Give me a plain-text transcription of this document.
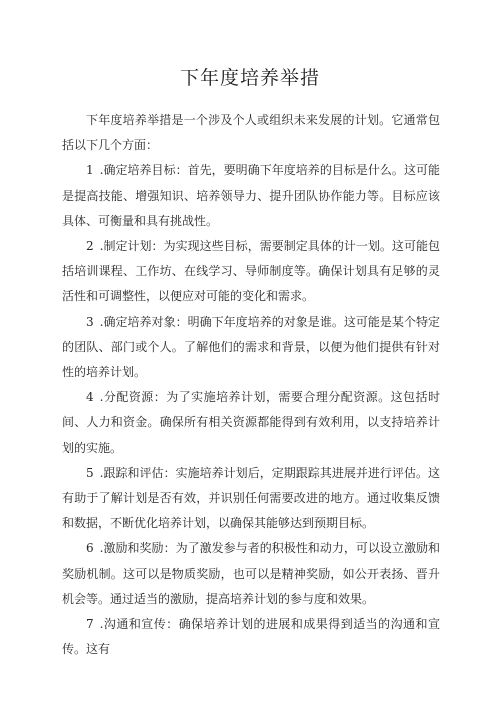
下年度培养举措

下年度培养举措是一个涉及个人或组织未来发展的计划。它通常包括以下几个方面：

1 .确定培养目标：首先，要明确下年度培养的目标是什么。这可能是提高技能、增强知识、培养领导力、提升团队协作能力等。目标应该具体、可衡量和具有挑战性。

2 .制定计划：为实现这些目标，需要制定具体的计一划。这可能包括培训课程、工作坊、在线学习、导师制度等。确保计划具有足够的灵活性和可调整性，以便应对可能的变化和需求。

3 .确定培养对象：明确下年度培养的对象是谁。这可能是某个特定的团队、部门或个人。了解他们的需求和背景，以便为他们提供有针对性的培养计划。

4 .分配资源：为了实施培养计划，需要合理分配资源。这包括时间、人力和资金。确保所有相关资源都能得到有效利用，以支持培养计划的实施。

5 .跟踪和评估：实施培养计划后，定期跟踪其进展并进行评估。这有助于了解计划是否有效，并识别任何需要改进的地方。通过收集反馈和数据，不断优化培养计划，以确保其能够达到预期目标。

6 .激励和奖励：为了激发参与者的积极性和动力，可以设立激励和奖励机制。这可以是物质奖励，也可以是精神奖励，如公开表扬、晋升机会等。通过适当的激励，提高培养计划的参与度和效果。

7 .沟通和宣传：确保培养计划的进展和成果得到适当的沟通和宣传。这有
